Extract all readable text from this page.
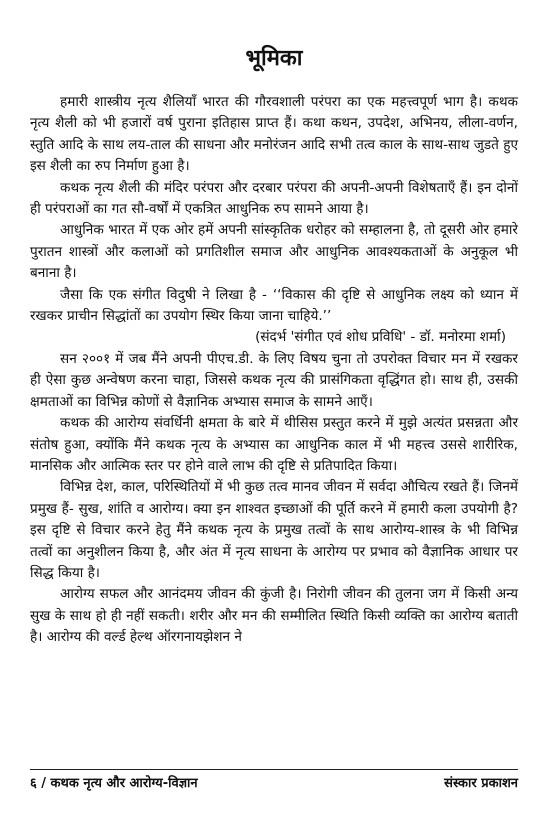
भूमिका

हमारी शास्त्रीय नृत्य शैलियाँ भारत की गौरवशाली परंपरा का एक महत्त्वपूर्ण भाग है। कथक नृत्य शैली को भी हजारों वर्ष पुराना इतिहास प्राप्त हैं। कथा कथन, उपदेश, अभिनय, लीला-वर्णन, स्तुति आदि के साथ लय-ताल की साधना और मनोरंजन आदि सभी तत्व काल के साथ-साथ जुडते हुए इस शैली का रुप निर्माण हुआ है।

कथक नृत्य शैली की मंदिर परंपरा और दरबार परंपरा की अपनी-अपनी विशेषताएँ हैं। इन दोनों ही परंपराओं का गत सौ-वर्षों में एकत्रित आधुनिक रुप सामने आया है।

आधुनिक भारत में एक ओर हमें अपनी सांस्कृतिक धरोहर को सम्हालना है, तो दूसरी ओर हमारे पुरातन शास्त्रों और कलाओं को प्रगतिशील समाज और आधुनिक आवश्यकताओं के अनुकूल भी बनाना है।

जैसा कि एक संगीत विदुषी ने लिखा है - ‘‘विकास की दृष्टि से आधुनिक लक्ष्य को ध्यान में रखकर प्राचीन सिद्धांतों का उपयोग स्थिर किया जाना चाहिये.’’

(संदर्भ 'संगीत एवं शोध प्रविधि' - डॉ. मनोरमा शर्मा)

सन २००१ में जब मैंने अपनी पीएच.डी. के लिए विषय चुना तो उपरोक्त विचार मन में रखकर ही ऐसा कुछ अन्वेषण करना चाहा, जिससे कथक नृत्य की प्रासंगिकता वृद्धिंगत हो। साथ ही, उसकी क्षमताओं का विभिन्न कोणों से वैज्ञानिक अभ्यास समाज के सामने आएँ।

कथक की आरोग्य संवर्धिनी क्षमता के बारे में थीसिस प्रस्तुत करने में मुझे अत्यंत प्रसन्नता और संतोष हुआ, क्योंकि मैंने कथक नृत्य के अभ्यास का आधुनिक काल में भी महत्त्व उससे शारीरिक, मानसिक और आत्मिक स्तर पर होने वाले लाभ की दृष्टि से प्रतिपादित किया।

विभिन्न देश, काल, परिस्थितियों में भी कुछ तत्व मानव जीवन में सर्वदा औचित्य रखते हैं। जिनमें प्रमुख हैं- सुख, शांति व आरोग्य। क्या इन शाश्वत इच्छाओं की पूर्ति करने में हमारी कला उपयोगी है? इस दृष्टि से विचार करने हेतु मैंने कथक नृत्य के प्रमुख तत्वों के साथ आरोग्य-शास्त्र के भी विभिन्न तत्वों का अनुशीलन किया है, और अंत में नृत्य साधना के आरोग्य पर प्रभाव को वैज्ञानिक आधार पर सिद्ध किया है।

आरोग्य सफल और आनंदमय जीवन की कुंजी है। निरोगी जीवन की तुलना जग में किसी अन्य सुख के साथ हो ही नहीं सकती। शरीर और मन की सम्मीलित स्थिति किसी व्यक्ति का आरोग्य बताती है। आरोग्य की वर्ल्ड हेल्थ ऑरगनायझेशन ने

६ / कथक नृत्य और आरोग्य-विज्ञान	संस्कार प्रकाशन
